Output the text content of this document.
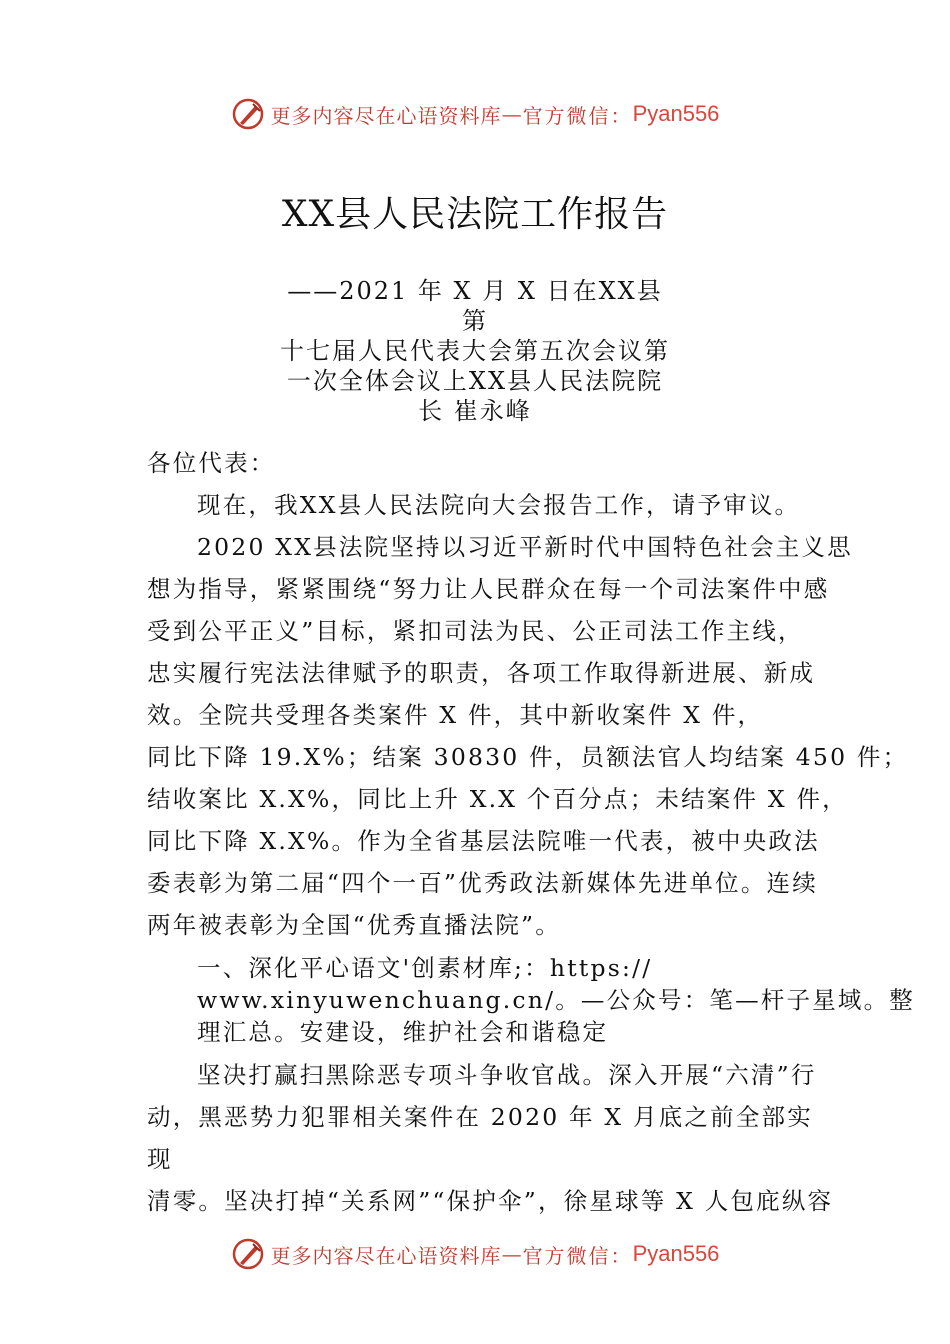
更多内容尽在心语资料库 — 官方微信： Pyan556
XX县人民法院工作报告
——2021 年 X 月 X 日在XX县第
十七届人民代表大会第五次会议第
一次全体会议上XX县人民法院院
长 崔永峰
各位代表：
现在，我XX县人民法院向大会报告工作，请予审议。
2020 XX县法院坚持以习近平新时代中国特色社会主义思
想为指导，紧紧围绕“努力让人民群众在每一个司法案件中感
受到公平正义”目标，紧扣司法为民、公正司法工作主线，
忠实履行宪法法律赋予的职责，各项工作取得新进展、新成
效。全院共受理各类案件 X 件，其中新收案件 X 件，
同比下降 19.X%；结案 30830 件，员额法官人均结案 450 件；
结收案比 X.X%，同比上升 X.X 个百分点；未结案件 X 件，
同比下降 X.X%。作为全省基层法院唯一代表，被中央政法
委表彰为第二届“四个一百”优秀政法新媒体先进单位。连续
两年被表彰为全国“优秀直播法院”。
一、深化平心语文'创素材库;：https://
www.xinyuwenchuang.cn/。—公众号：笔—杆子星域。整
理汇总。安建设，维护社会和谐稳定
坚决打赢扫黑除恶专项斗争收官战。深入开展“六清”行
动，黑恶势力犯罪相关案件在 2020 年 X 月底之前全部实
现
清零。坚决打掉“关系网”“保护伞”，徐星球等 X 人包庇纵容
更多内容尽在心语资料库 — 官方微信： Pyan556
